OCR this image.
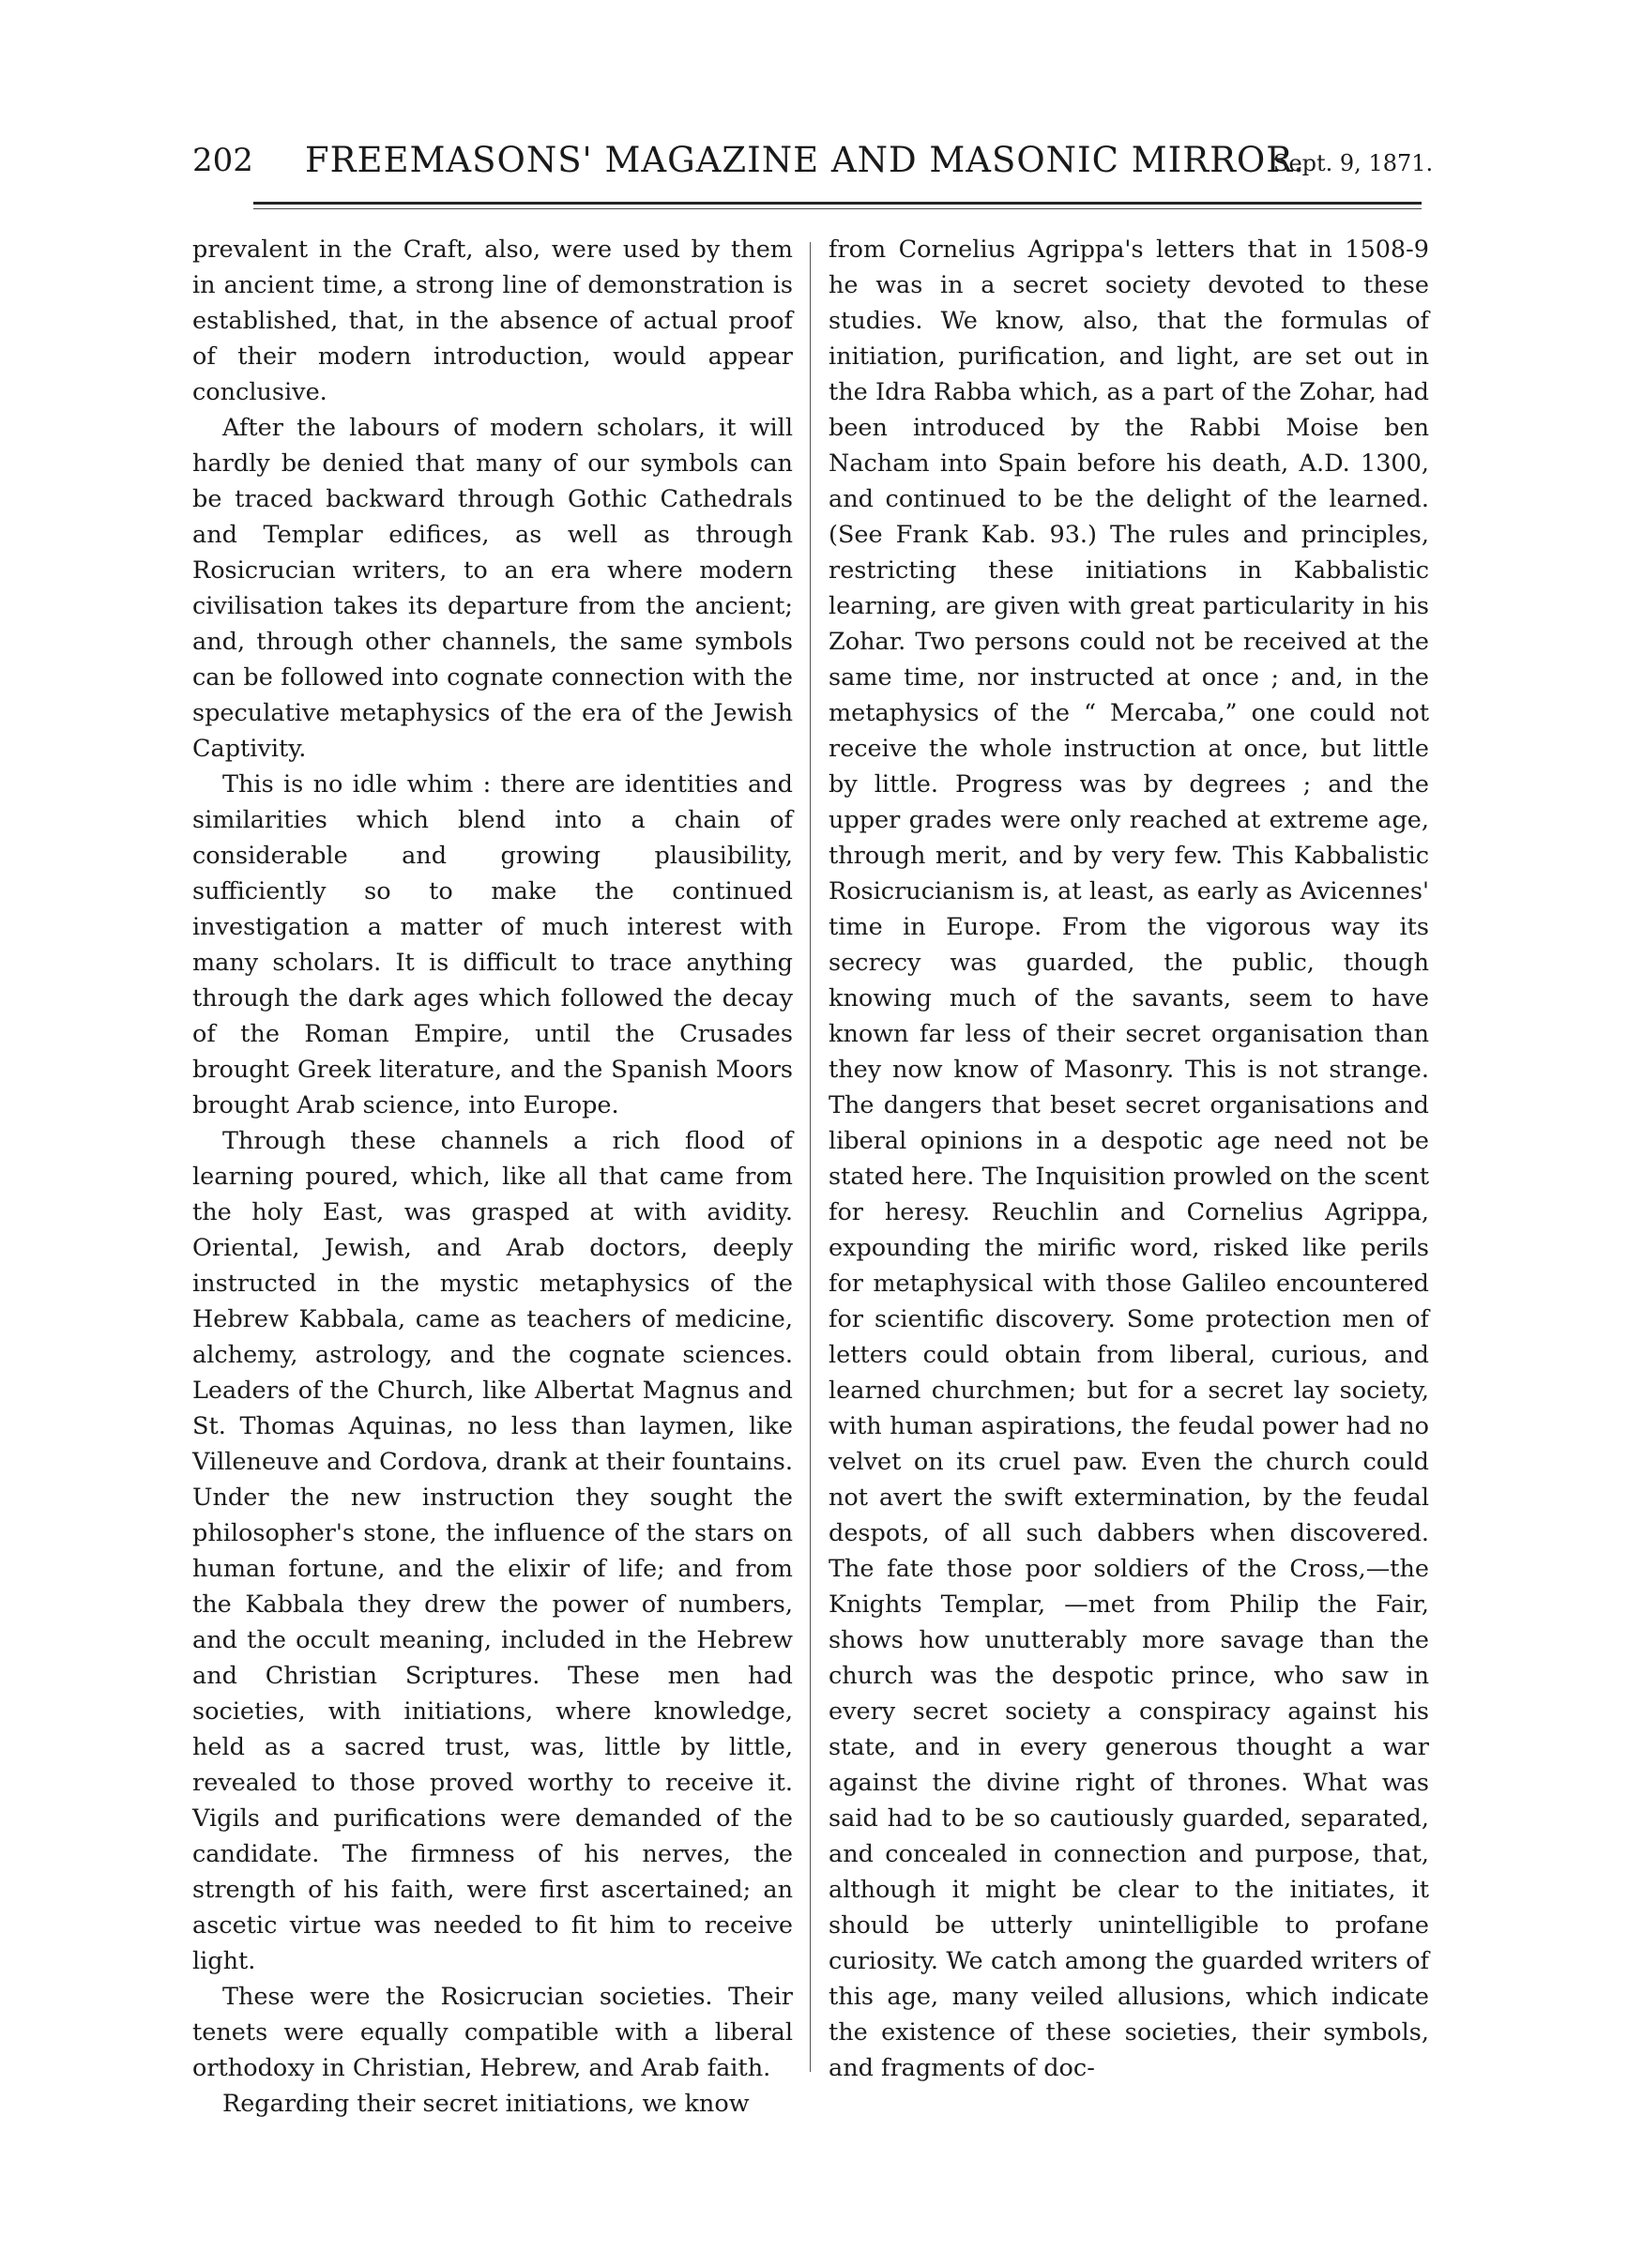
202 FREEMASONS' MAGAZINE AND MASONIC MIRROR.
Sept. 9, 1871.

prevalent in the Craft, also, were used by them in ancient time, a strong line of demonstration is established, that, in the absence of actual proof of their modern introduction, would appear conclusive.

After the labours of modern scholars, it will hardly be denied that many of our symbols can be traced backward through Gothic Cathedrals and Templar edifices, as well as through Rosicrucian writers, to an era where modern civilisation takes its departure from the ancient; and, through other channels, the same symbols can be followed into cognate connection with the speculative metaphysics of the era of the Jewish Captivity.

This is no idle whim : there are identities and similarities which blend into a chain of considerable and growing plausibility, sufficiently so to make the continued investigation a matter of much interest with many scholars. It is difficult to trace anything through the dark ages which followed the decay of the Roman Empire, until the Crusades brought Greek literature, and the Spanish Moors brought Arab science, into Europe.

Through these channels a rich flood of learning poured, which, like all that came from the holy East, was grasped at with avidity. Oriental, Jewish, and Arab doctors, deeply instructed in the mystic metaphysics of the Hebrew Kabbala, came as teachers of medicine, alchemy, astrology, and the cognate sciences. Leaders of the Church, like Albertat Magnus and St. Thomas Aquinas, no less than laymen, like Villeneuve and Cordova, drank at their fountains. Under the new instruction they sought the philosopher's stone, the influence of the stars on human fortune, and the elixir of life; and from the Kabbala they drew the power of numbers, and the occult meaning, included in the Hebrew and Christian Scriptures. These men had societies, with initiations, where knowledge, held as a sacred trust, was, little by little, revealed to those proved worthy to receive it. Vigils and purifications were demanded of the candidate. The firmness of his nerves, the strength of his faith, were first ascertained; an ascetic virtue was needed to fit him to receive light.

These were the Rosicrucian societies. Their tenets were equally compatible with a liberal orthodoxy in Christian, Hebrew, and Arab faith.

Regarding their secret initiations, we know

from Cornelius Agrippa's letters that in 1508-9 he was in a secret society devoted to these studies. We know, also, that the formulas of initiation, purification, and light, are set out in the Idra Rabba which, as a part of the Zohar, had been introduced by the Rabbi Moise ben Nacham into Spain before his death, A.D. 1300, and continued to be the delight of the learned. (See Frank Kab. 93.) The rules and principles, restricting these initiations in Kabbalistic learning, are given with great particularity in his Zohar. Two persons could not be received at the same time, nor instructed at once ; and, in the metaphysics of the “ Mercaba,” one could not receive the whole instruction at once, but little by little. Progress was by degrees ; and the upper grades were only reached at extreme age, through merit, and by very few. This Kabbalistic Rosicrucianism is, at least, as early as Avicennes' time in Europe. From the vigorous way its secrecy was guarded, the public, though knowing much of the savants, seem to have known far less of their secret organisation than they now know of Masonry. This is not strange. The dangers that beset secret organisations and liberal opinions in a despotic age need not be stated here. The Inquisition prowled on the scent for heresy. Reuchlin and Cornelius Agrippa, expounding the mirific word, risked like perils for metaphysical with those Galileo encountered for scientific discovery. Some protection men of letters could obtain from liberal, curious, and learned churchmen; but for a secret lay society, with human aspirations, the feudal power had no velvet on its cruel paw. Even the church could not avert the swift extermination, by the feudal despots, of all such dabbers when discovered. The fate those poor soldiers of the Cross,—the Knights Templar, —met from Philip the Fair, shows how unutterably more savage than the church was the despotic prince, who saw in every secret society a conspiracy against his state, and in every generous thought a war against the divine right of thrones. What was said had to be so cautiously guarded, separated, and concealed in connection and purpose, that, although it might be clear to the initiates, it should be utterly unintelligible to profane curiosity. We catch among the guarded writers of this age, many veiled allusions, which indicate the existence of these societies, their symbols, and fragments of doc-
